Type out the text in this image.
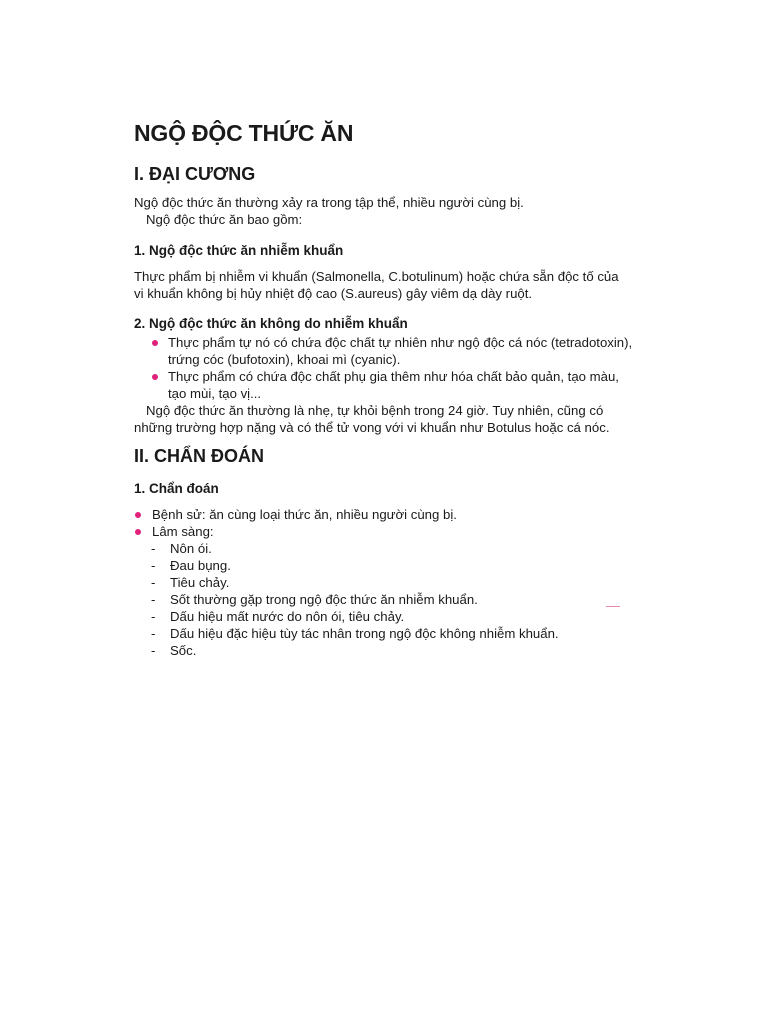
NGỘ ĐỘC THỨC ĂN
I. ĐẠI CƯƠNG

Ngộ độc thức ăn thường xảy ra trong tập thể, nhiều người cùng bị.

Ngộ độc thức ăn bao gồm:

1. Ngộ độc thức ăn nhiễm khuẩn

Thực phẩm bị nhiễm vi khuẩn (Salmonella, C.botulinum) hoặc chứa sẵn độc tố của

vi khuẩn không bị hủy nhiệt độ cao (S.aureus) gây viêm dạ dày ruột.

2. Ngộ độc thức ăn không do nhiễm khuẩn
Thực phẩm tự nó có chứa độc chất tự nhiên như ngộ độc cá nóc (tetradotoxin),
trứng cóc (bufotoxin), khoai mì (cyanic).
Thực phẩm có chứa độc chất phụ gia thêm như hóa chất bảo quản, tạo màu,
tạo mùi, tạo vị...

Ngộ độc thức ăn thường là nhẹ, tự khỏi bệnh trong 24 giờ. Tuy nhiên, cũng có

những trường hợp nặng và có thể tử vong với vi khuẩn như Botulus hoặc cá nóc.

II. CHẨN ĐOÁN
1. Chẩn đoán
Bệnh sử: ăn cùng loại thức ăn, nhiều người cùng bị.
Lâm sàng:
- Nôn ói.
- Đau bụng.
- Tiêu chảy.
- Sốt thường gặp trong ngộ độc thức ăn nhiễm khuẩn.
- Dấu hiệu mất nước do nôn ói, tiêu chảy.
- Dấu hiệu đặc hiệu tùy tác nhân trong ngộ độc không nhiễm khuẩn.
- Sốc.
